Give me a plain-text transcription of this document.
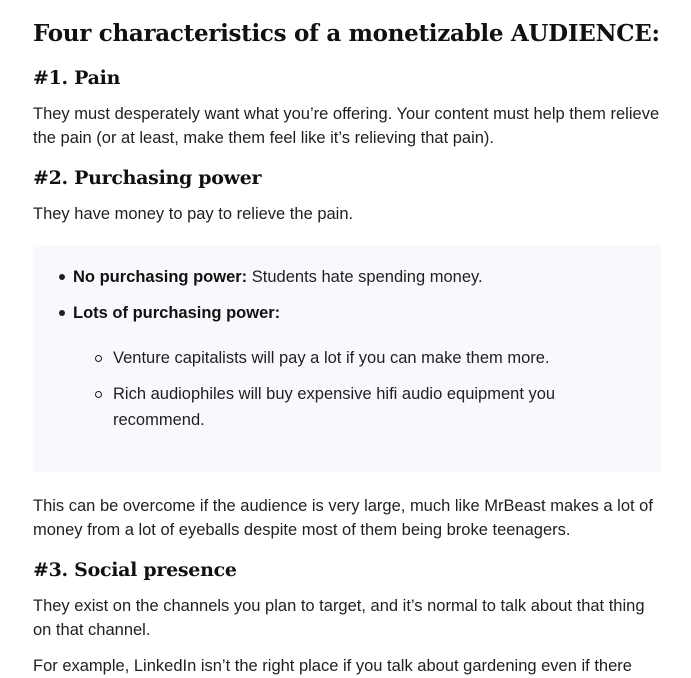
Four characteristics of a monetizable AUDIENCE:
#1. Pain

They must desperately want what you’re offering. Your content must help them relieve the pain (or at least, make them feel like it’s relieving that pain).

#2. Purchasing power

They have money to pay to relieve the pain.

No purchasing power: Students hate spending money.
Lots of purchasing power:
Venture capitalists will pay a lot if you can make them more.
Rich audiophiles will buy expensive hifi audio equipment you recommend.

This can be overcome if the audience is very large, much like MrBeast makes a lot of money from a lot of eyeballs despite most of them being broke teenagers.

#3. Social presence

They exist on the channels you plan to target, and it’s normal to talk about that thing on that channel.

For example, LinkedIn isn’t the right place if you talk about gardening even if there
